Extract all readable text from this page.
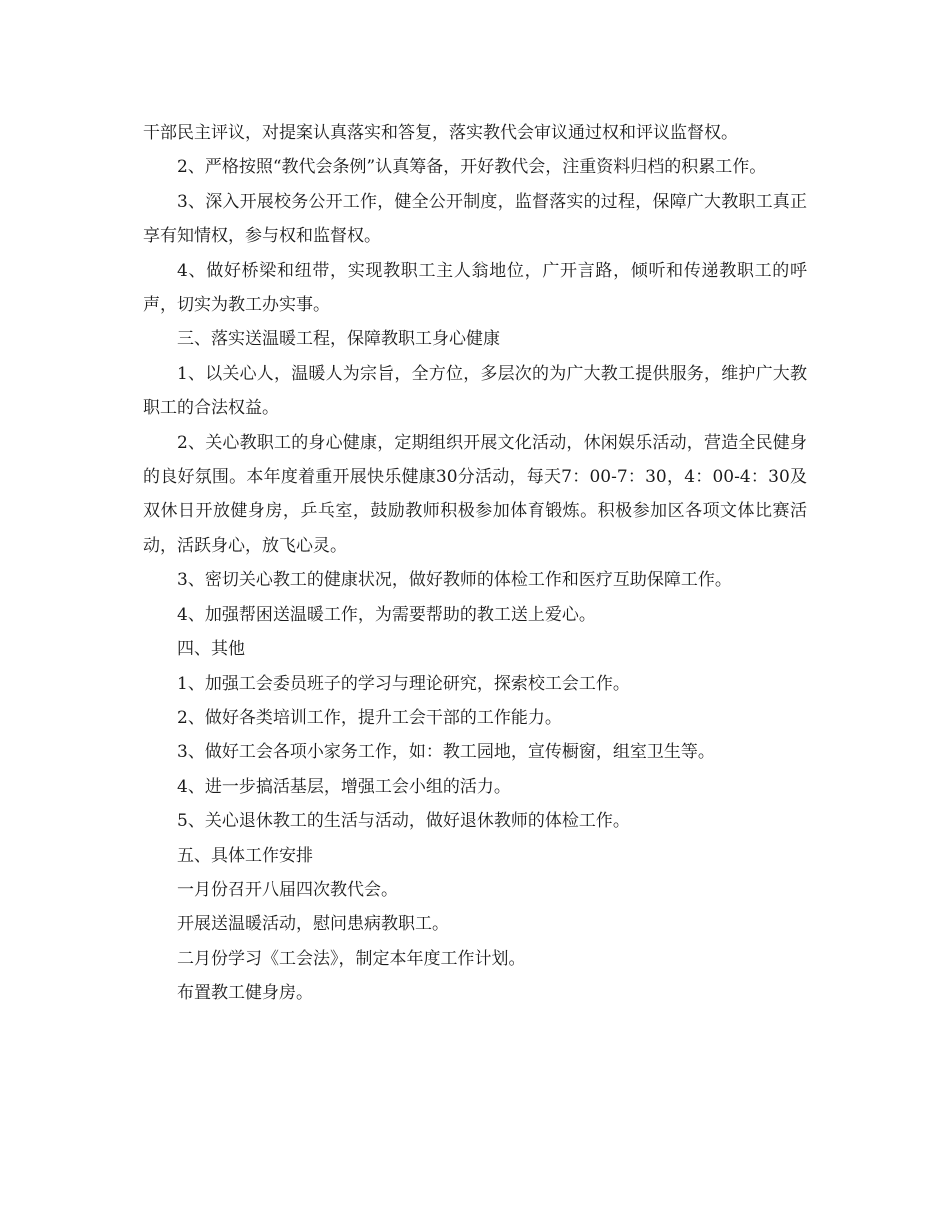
干部民主评议，对提案认真落实和答复，落实教代会审议通过权和评议监督权。

2、严格按照“教代会条例”认真筹备，开好教代会，注重资料归档的积累工作。

3、深入开展校务公开工作，健全公开制度，监督落实的过程，保障广大教职工真正享有知情权，参与权和监督权。

4、做好桥梁和纽带，实现教职工主人翁地位，广开言路，倾听和传递教职工的呼声，切实为教工办实事。

三、落实送温暖工程，保障教职工身心健康

1、以关心人，温暖人为宗旨，全方位，多层次的为广大教工提供服务，维护广大教职工的合法权益。

2、关心教职工的身心健康，定期组织开展文化活动，休闲娱乐活动，营造全民健身的良好氛围。本年度着重开展快乐健康30分活动，每天7：00-7：30，4：00-4：30及双休日开放健身房，乒乓室，鼓励教师积极参加体育锻炼。积极参加区各项文体比赛活动，活跃身心，放飞心灵。

3、密切关心教工的健康状况，做好教师的体检工作和医疗互助保障工作。

4、加强帮困送温暖工作，为需要帮助的教工送上爱心。

四、其他

1、加强工会委员班子的学习与理论研究，探索校工会工作。

2、做好各类培训工作，提升工会干部的工作能力。

3、做好工会各项小家务工作，如：教工园地，宣传橱窗，组室卫生等。

4、进一步搞活基层，增强工会小组的活力。

5、关心退休教工的生活与活动，做好退休教师的体检工作。

五、具体工作安排

一月份召开八届四次教代会。

开展送温暖活动，慰问患病教职工。

二月份学习《工会法》，制定本年度工作计划。

布置教工健身房。
